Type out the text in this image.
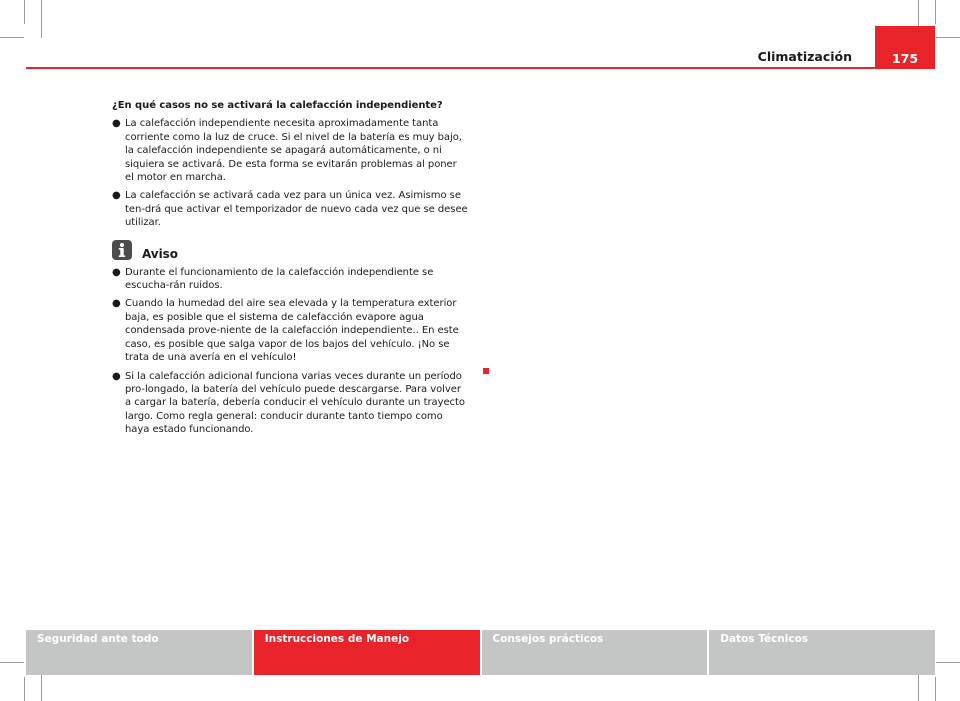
Climatización	175

¿En qué casos no se activará la calefacción independiente?

● La calefacción independiente necesita aproximadamente tanta corriente como la luz de cruce. Si el nivel de la batería es muy bajo, la calefacción independiente se apagará automáticamente, o ni siquiera se activará. De esta forma se evitarán problemas al poner el motor en marcha.

● La calefacción se activará cada vez para un única vez. Asimismo se ten-drá que activar el temporizador de nuevo cada vez que se desee utilizar.

Aviso

● Durante el funcionamiento de la calefacción independiente se escucha-rán ruidos.

● Cuando la humedad del aire sea elevada y la temperatura exterior baja, es posible que el sistema de calefacción evapore agua condensada prove-niente de la calefacción independiente.. En este caso, es posible que salga vapor de los bajos del vehículo. ¡No se trata de una avería en el vehículo!

● Si la calefacción adicional funciona varias veces durante un período pro-longado, la batería del vehículo puede descargarse. Para volver a cargar la batería, debería conducir el vehículo durante un trayecto largo. Como regla general: conducir durante tanto tiempo como haya estado funcionando.

Seguridad ante todo	Instrucciones de Manejo	Consejos prácticos	Datos Técnicos
